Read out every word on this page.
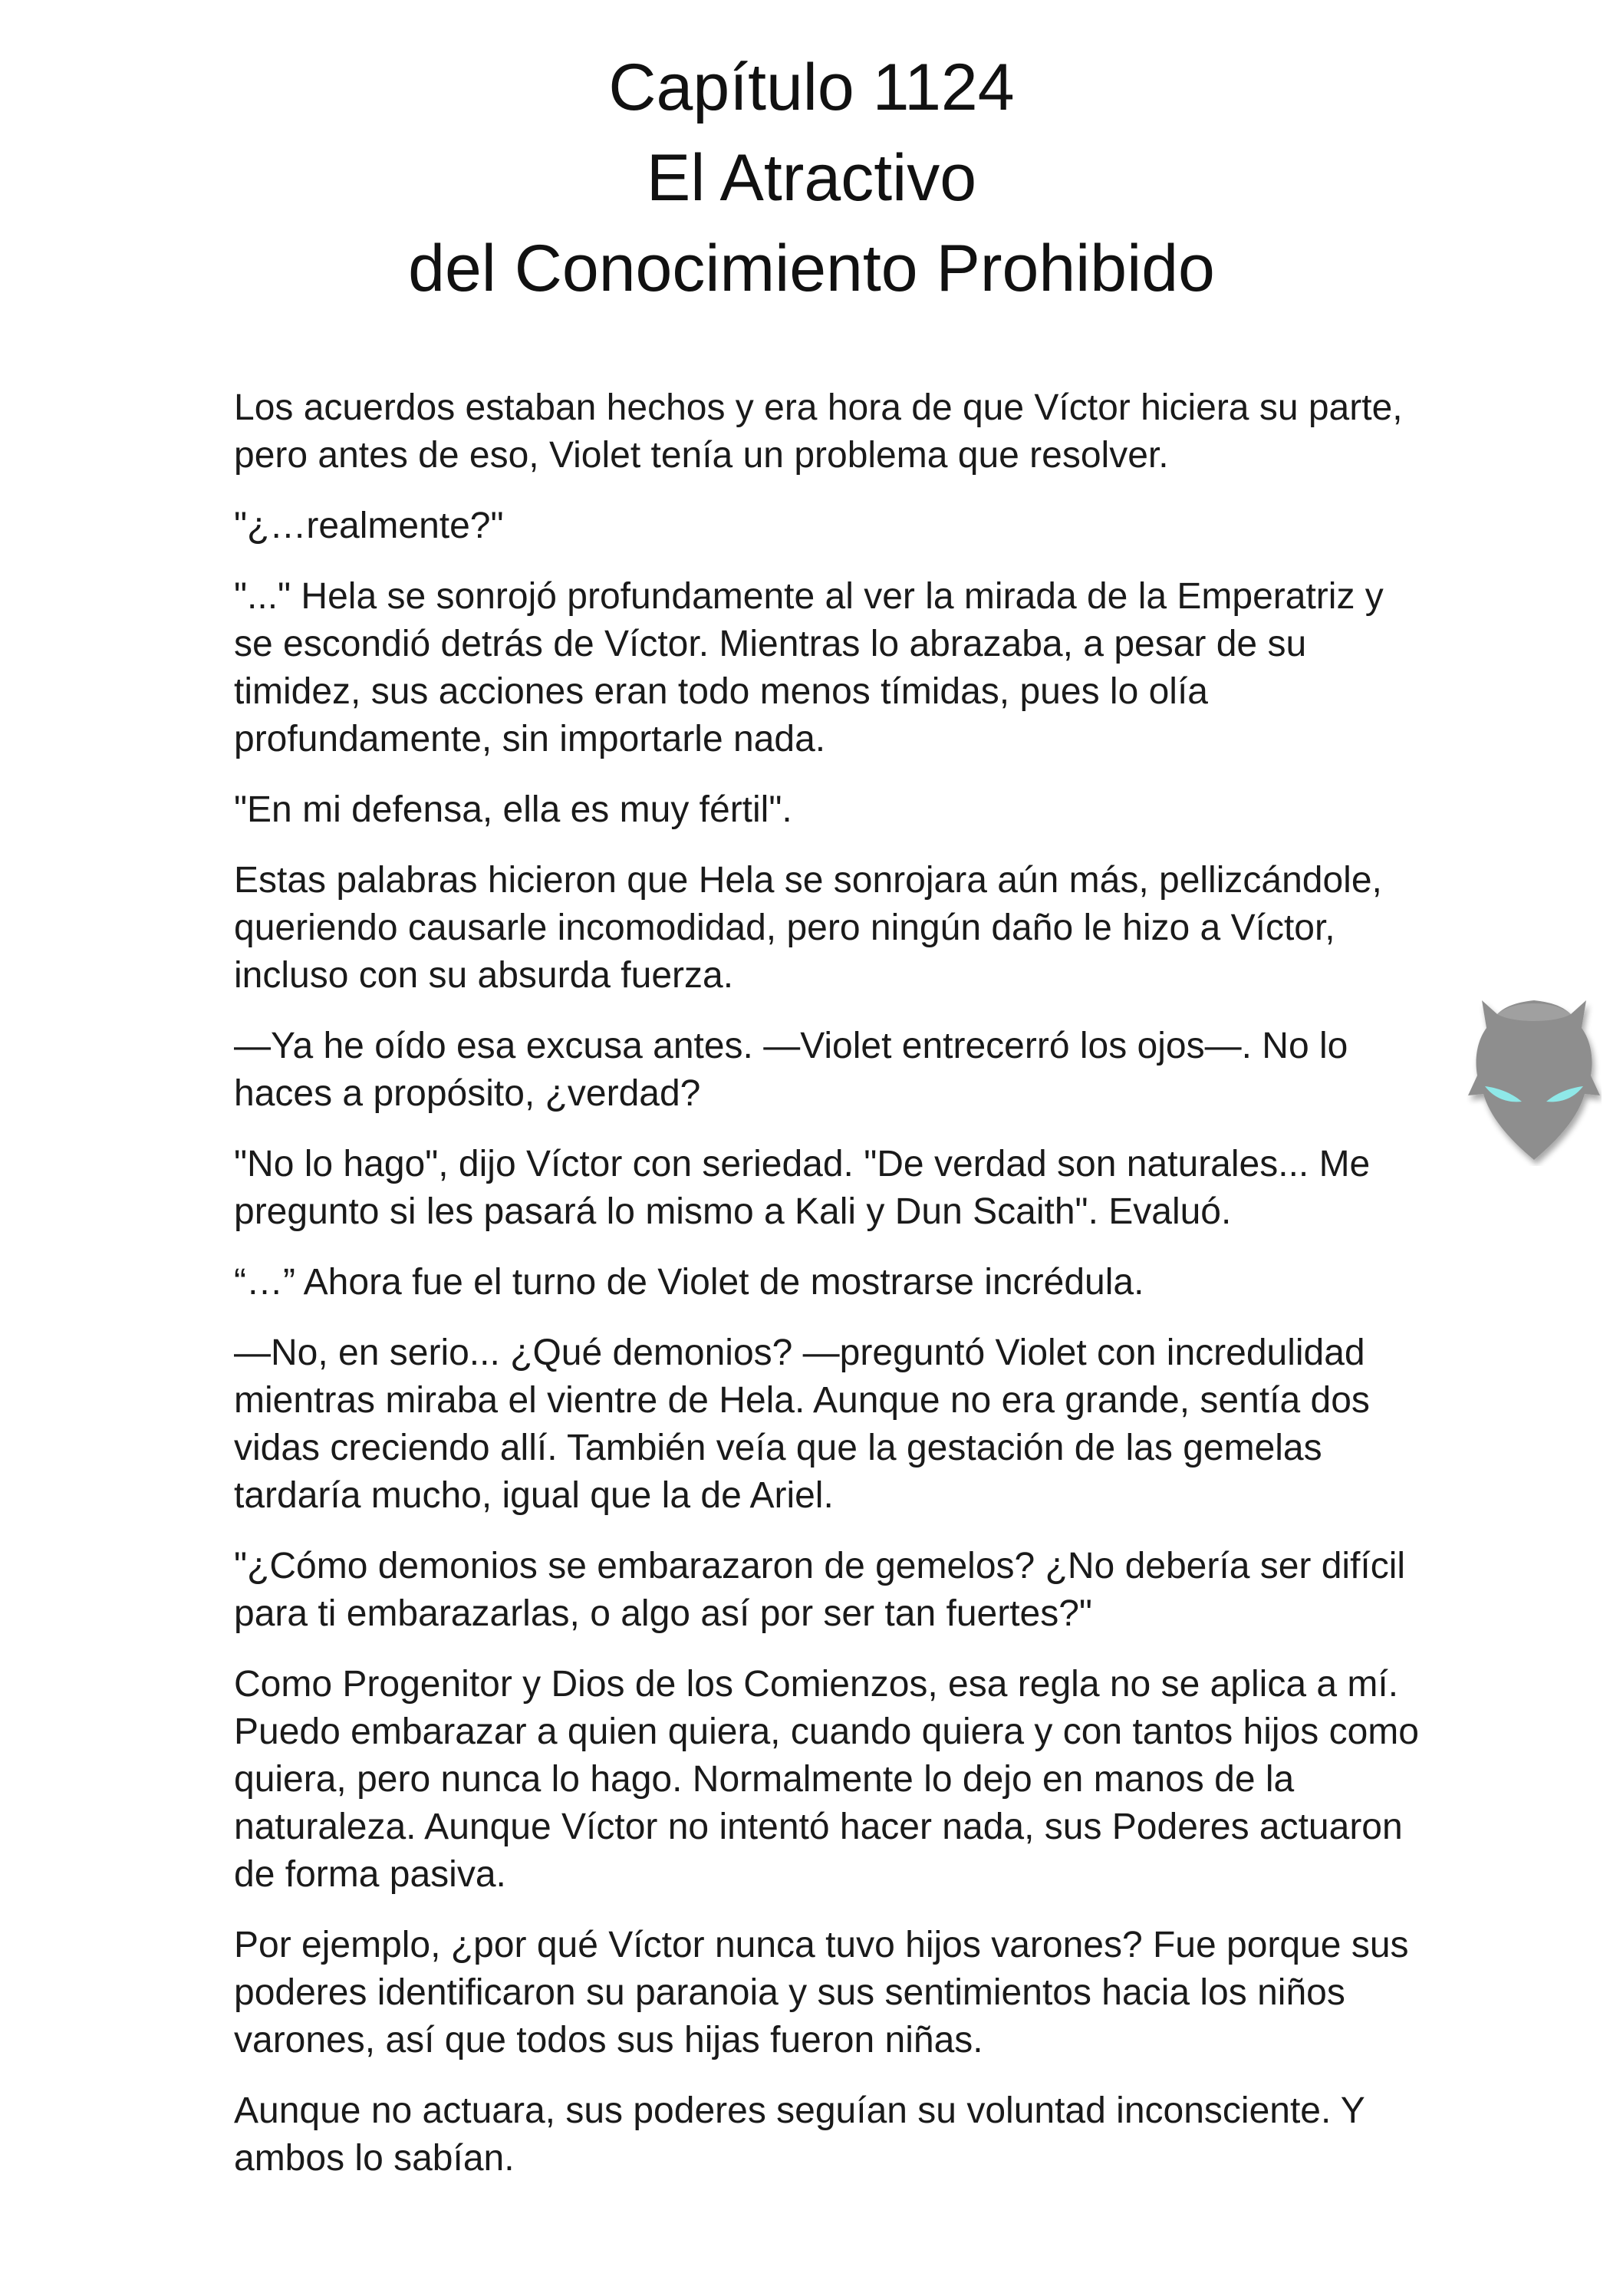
Capítulo 1124
El Atractivo
del Conocimiento Prohibido

Los acuerdos estaban hechos y era hora de que Víctor hiciera su parte, pero antes de eso, Violet tenía un problema que resolver.

"¿…realmente?"

"..." Hela se sonrojó profundamente al ver la mirada de la Emperatriz y se escondió detrás de Víctor. Mientras lo abrazaba, a pesar de su timidez, sus acciones eran todo menos tímidas, pues lo olía profundamente, sin importarle nada.

"En mi defensa, ella es muy fértil".

Estas palabras hicieron que Hela se sonrojara aún más, pellizcándole, queriendo causarle incomodidad, pero ningún daño le hizo a Víctor, incluso con su absurda fuerza.

—Ya he oído esa excusa antes. —Violet entrecerró los ojos—. No lo haces a propósito, ¿verdad?

"No lo hago", dijo Víctor con seriedad. "De verdad son naturales... Me pregunto si les pasará lo mismo a Kali y Dun Scaith". Evaluó.

“…” Ahora fue el turno de Violet de mostrarse incrédula.

—No, en serio... ¿Qué demonios? —preguntó Violet con incredulidad mientras miraba el vientre de Hela. Aunque no era grande, sentía dos vidas creciendo allí. También veía que la gestación de las gemelas tardaría mucho, igual que la de Ariel.

"¿Cómo demonios se embarazaron de gemelos? ¿No debería ser difícil para ti embarazarlas, o algo así por ser tan fuertes?"

Como Progenitor y Dios de los Comienzos, esa regla no se aplica a mí. Puedo embarazar a quien quiera, cuando quiera y con tantos hijos como quiera, pero nunca lo hago. Normalmente lo dejo en manos de la naturaleza. Aunque Víctor no intentó hacer nada, sus Poderes actuaron de forma pasiva.

Por ejemplo, ¿por qué Víctor nunca tuvo hijos varones? Fue porque sus poderes identificaron su paranoia y sus sentimientos hacia los niños varones, así que todos sus hijas fueron niñas.

Aunque no actuara, sus poderes seguían su voluntad inconsciente. Y ambos lo sabían.
